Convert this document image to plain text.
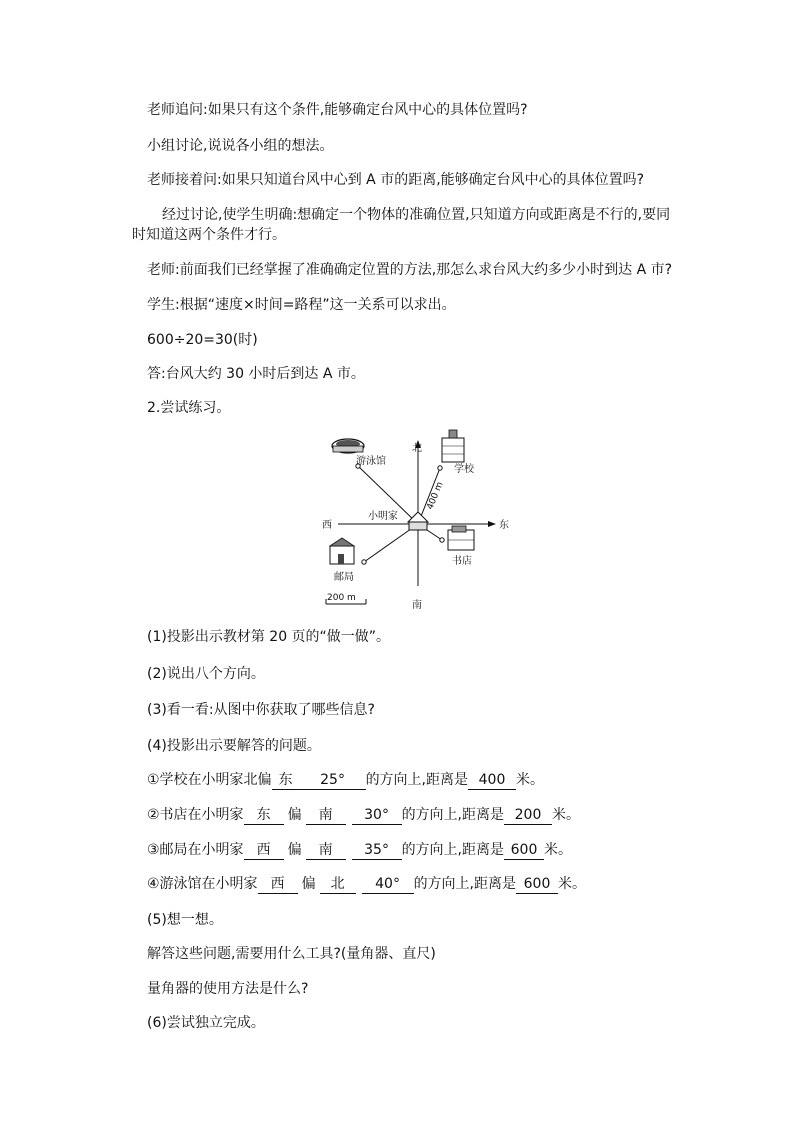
老师追问:如果只有这个条件,能够确定台风中心的具体位置吗?
小组讨论,说说各小组的想法。
老师接着问:如果只知道台风中心到 A 市的距离,能够确定台风中心的具体位置吗?
经过讨论,使学生明确:想确定一个物体的准确位置,只知道方向或距离是不行的,要同
时知道这两个条件才行。
老师:前面我们已经掌握了准确确定位置的方法,那怎么求台风大约多少小时到达 A 市?
学生:根据“速度×时间=路程”这一关系可以求出。
600÷20=30(时)
答:台风大约 30 小时后到达 A 市。
2.尝试练习。
北
南
东
西
小明家
学校
游泳馆
书店
邮局
400 m
200 m
(1)投影出示教材第 20 页的“做一做”。
(2)说出八个方向。
(3)看一看:从图中你获取了哪些信息?
(4)投影出示要解答的问题。
①学校在小明家北偏 东 25° 的方向上,距离是 400 米。
②书店在小明家 东 偏 南 30° 的方向上,距离是 200 米。
③邮局在小明家 西 偏 南 35° 的方向上,距离是 600 米。
④游泳馆在小明家 西 偏 北 40° 的方向上,距离是 600 米。
(5)想一想。
解答这些问题,需要用什么工具?(量角器、直尺)
量角器的使用方法是什么?
(6)尝试独立完成。
